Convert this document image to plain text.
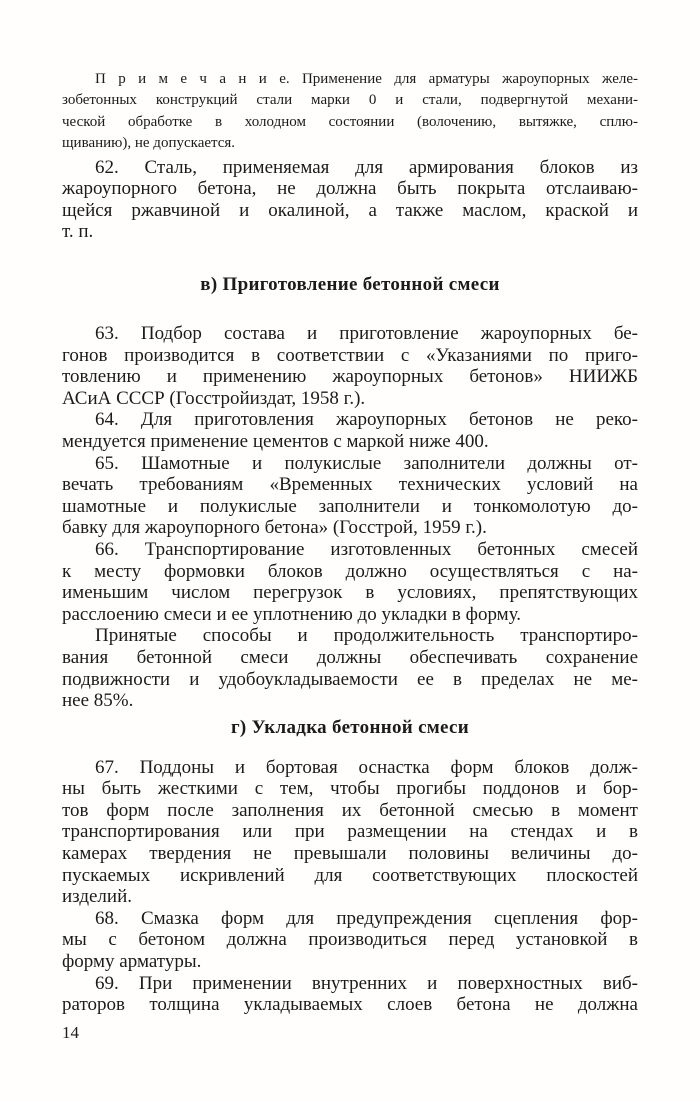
П р и м е ч а н и е. Применение для арматуры жароупорных желе-
зобетонных конструкций стали марки 0 и стали, подвергнутой механи-
ческой обработке в холодном состоянии (волочению, вытяжке, сплю-
щиванию), не допускается.
62. Сталь, применяемая для армирования блоков из
жароупорного бетона, не должна быть покрыта отслаиваю-
щейся ржавчиной и окалиной, а также маслом, краской и
т. п.
в) Приготовление бетонной смеси
63. Подбор состава и приготовление жароупорных бе-
гонов производится в соответствии с «Указаниями по приго-
товлению и применению жароупорных бетонов» НИИЖБ
АСиА СССР (Госстройиздат, 1958 г.).
64. Для приготовления жароупорных бетонов не реко-
мендуется применение цементов с маркой ниже 400.
65. Шамотные и полукислые заполнители должны от-
вечать требованиям «Временных технических условий на
шамотные и полукислые заполнители и тонкомолотую до-
бавку для жароупорного бетона» (Госстрой, 1959 г.).
66. Транспортирование изготовленных бетонных смесей
к месту формовки блоков должно осуществляться с на-
именьшим числом перегрузок в условиях, препятствующих
расслоению смеси и ее уплотнению до укладки в форму.
Принятые способы и продолжительность транспортиро-
вания бетонной смеси должны обеспечивать сохранение
подвижности и удобоукладываемости ее в пределах не ме-
нее 85%.
г) Укладка бетонной смеси
67. Поддоны и бортовая оснастка форм блоков долж-
ны быть жесткими с тем, чтобы прогибы поддонов и бор-
тов форм после заполнения их бетонной смесью в момент
транспортирования или при размещении на стендах и в
камерах твердения не превышали половины величины до-
пускаемых искривлений для соответствующих плоскостей
изделий.
68. Смазка форм для предупреждения сцепления фор-
мы с бетоном должна производиться перед установкой в
форму арматуры.
69. При применении внутренних и поверхностных виб-
раторов толщина укладываемых слоев бетона не должна
14
